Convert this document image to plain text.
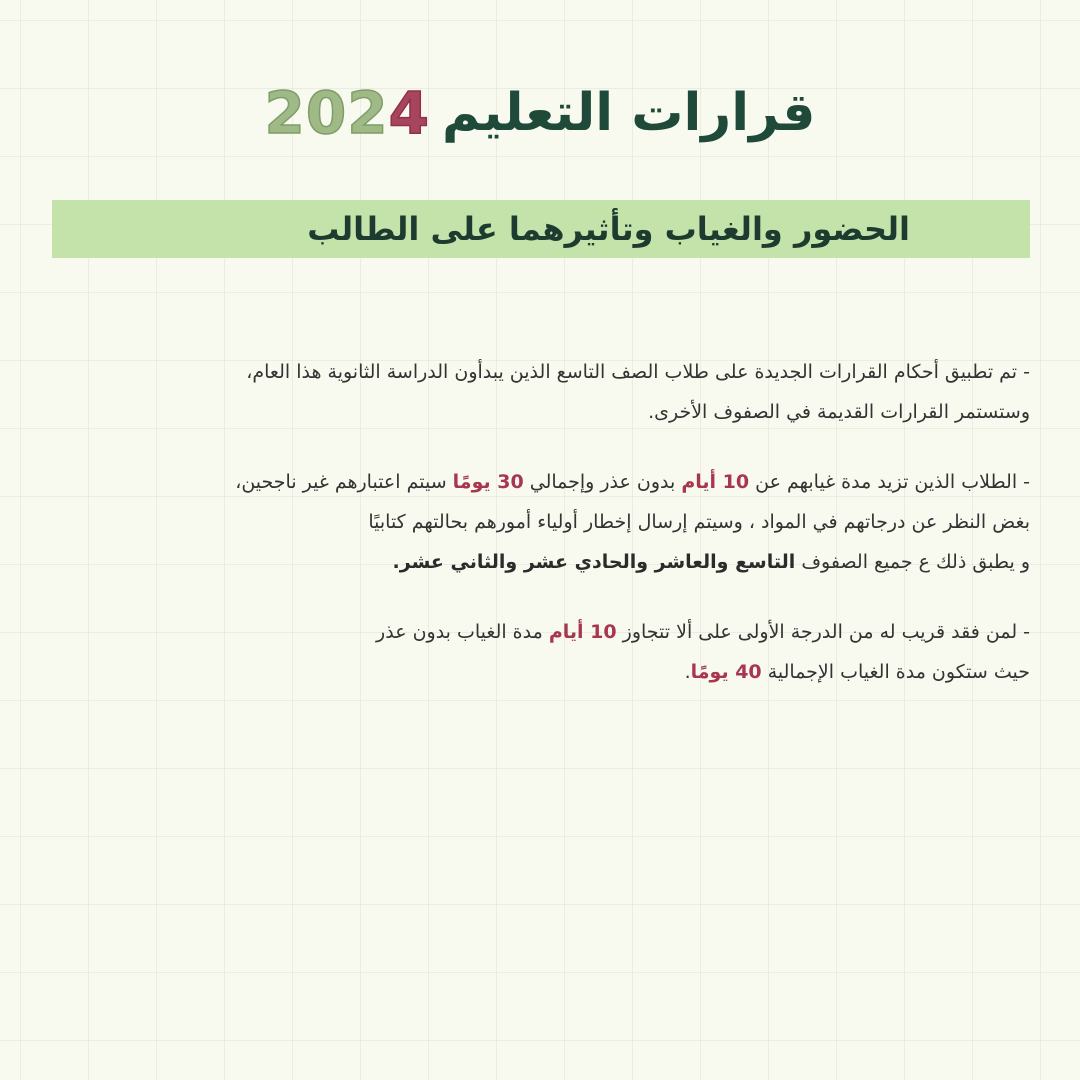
2024 قرارات التعليم
الحضور والغياب وتأثيرهما على الطالب
- تم تطبيق أحكام القرارات الجديدة على طلاب الصف التاسع الذين يبدأون الدراسة الثانوية هذا العام،
وستستمر القرارات القديمة في الصفوف الأخرى.
- الطلاب الذين تزيد مدة غيابهم عن 10 أيام بدون عذر وإجمالي 30 يومًا سيتم اعتبارهم غير ناجحين،
بغض النظر عن درجاتهم في المواد ، وسيتم إرسال إخطار أولياء أمورهم بحالتهم كتابيًا
و يطبق ذلك ع جميع الصفوف التاسع والعاشر والحادي عشر والثاني عشر.
- لمن فقد قريب له من الدرجة الأولى على ألا تتجاوز 10 أيام مدة الغياب بدون عذر
حيث ستكون مدة الغياب الإجمالية 40 يومًا.
